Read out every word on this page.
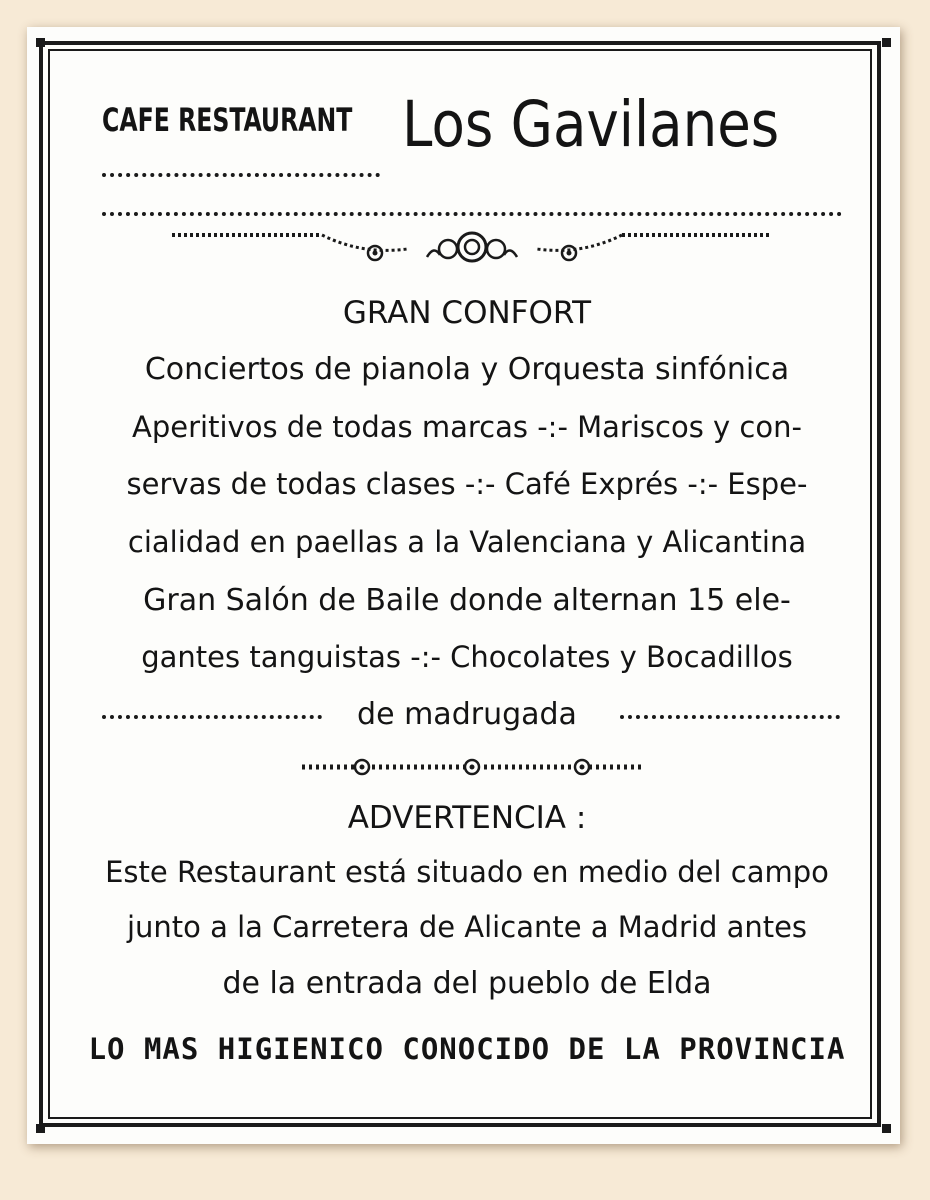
CAFE RESTAURANT Los Gavilanes
GRAN CONFORT
Conciertos de pianola y Orquesta sinfónica
Aperitivos de todas marcas -:- Mariscos y con-
servas de todas clases -:- Café Exprés -:- Espe-
cialidad en paellas a la Valenciana y Alicantina
Gran Salón de Baile donde alternan 15 ele-
gantes tanguistas -:- Chocolates y Bocadillos
de madrugada
ADVERTENCIA :
Este Restaurant está situado en medio del campo
junto a la Carretera de Alicante a Madrid antes
de la entrada del pueblo de Elda
LO MAS HIGIENICO CONOCIDO DE LA PROVINCIA
